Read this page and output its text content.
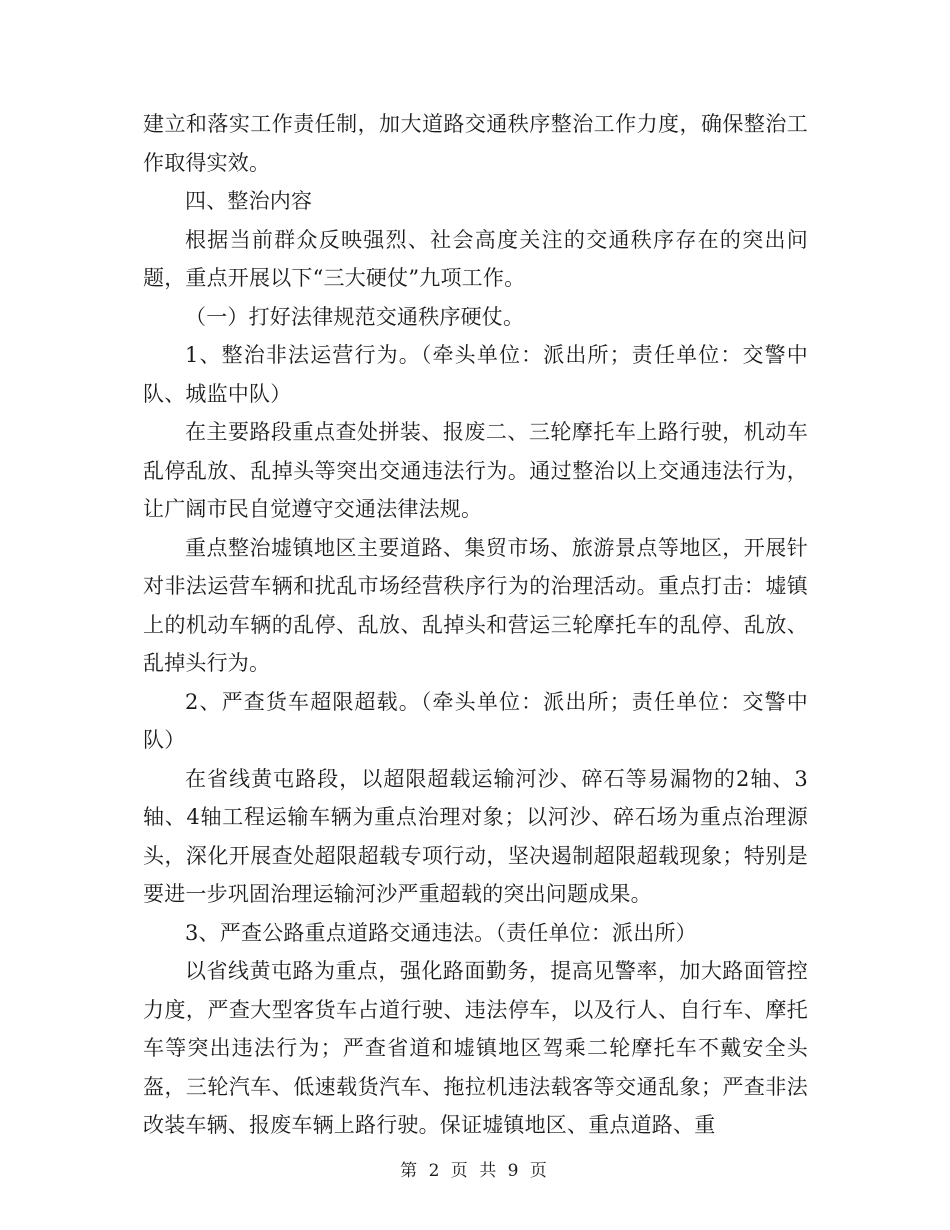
建立和落实工作责任制，加大道路交通秩序整治工作力度，确保整治工作取得实效。

四、整治内容

根据当前群众反映强烈、社会高度关注的交通秩序存在的突出问题，重点开展以下“三大硬仗”九项工作。

（一）打好法律规范交通秩序硬仗。

1、整治非法运营行为。（牵头单位：派出所；责任单位：交警中队、城监中队）

在主要路段重点查处拼装、报废二、三轮摩托车上路行驶，机动车乱停乱放、乱掉头等突出交通违法行为。通过整治以上交通违法行为，让广阔市民自觉遵守交通法律法规。

重点整治墟镇地区主要道路、集贸市场、旅游景点等地区，开展针对非法运营车辆和扰乱市场经营秩序行为的治理活动。重点打击：墟镇上的机动车辆的乱停、乱放、乱掉头和营运三轮摩托车的乱停、乱放、乱掉头行为。

2、严查货车超限超载。（牵头单位：派出所；责任单位：交警中队）

在省线黄屯路段，以超限超载运输河沙、碎石等易漏物的2轴、3轴、4轴工程运输车辆为重点治理对象；以河沙、碎石场为重点治理源头，深化开展查处超限超载专项行动，坚决遏制超限超载现象；特别是要进一步巩固治理运输河沙严重超载的突出问题成果。

3、严查公路重点道路交通违法。（责任单位：派出所）

以省线黄屯路为重点，强化路面勤务，提高见警率，加大路面管控力度，严查大型客货车占道行驶、违法停车，以及行人、自行车、摩托车等突出违法行为；严查省道和墟镇地区驾乘二轮摩托车不戴安全头盔，三轮汽车、低速载货汽车、拖拉机违法载客等交通乱象；严查非法改装车辆、报废车辆上路行驶。保证墟镇地区、重点道路、重

第 2 页 共 9 页
